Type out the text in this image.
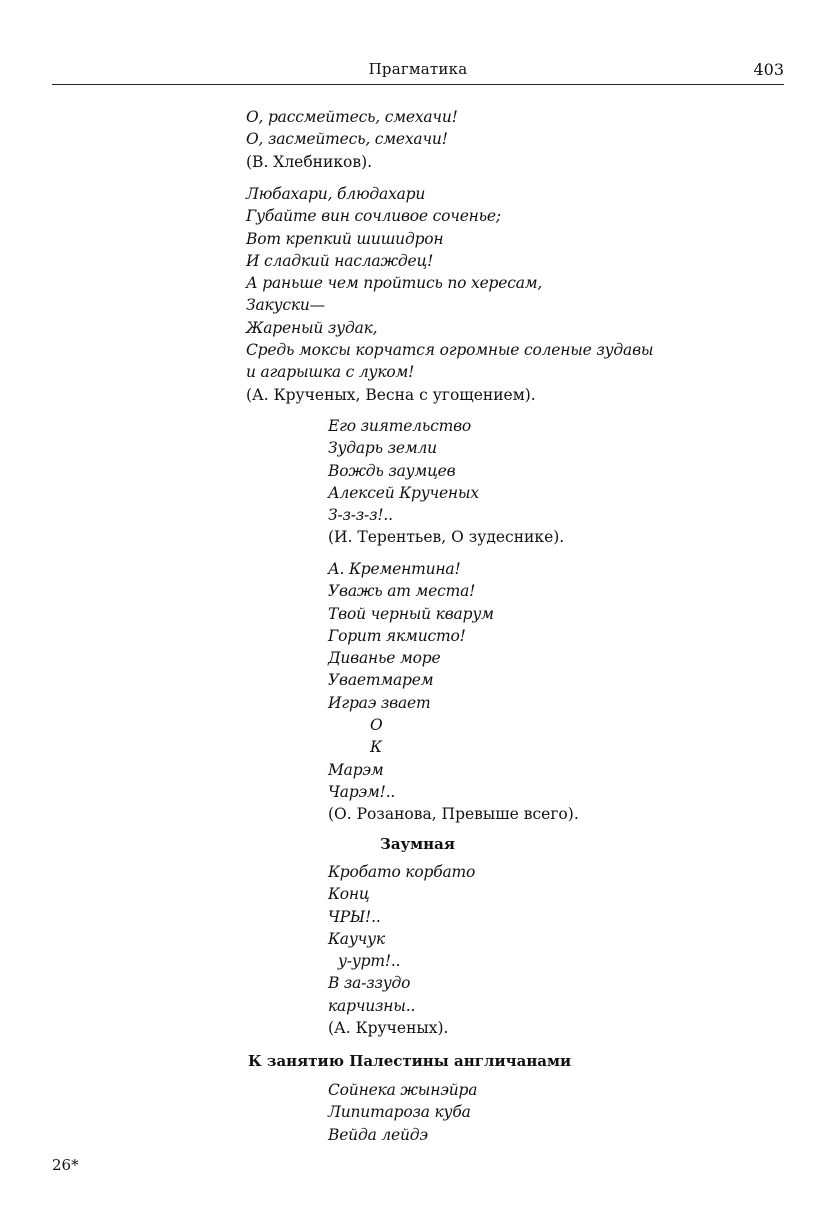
Прагматика	403
О, рассмейтесь, смехачи!
О, засмейтесь, смехачи!
(В. Хлебников).
Любахари, блюдахари
Губайте вин сочливое соченье;
Вот крепкий шишидрон
И сладкий наслаждец!
А раньше чем пройтись по хересам,
Закуски—
Жареный зудак,
Средь моксы корчатся огромные соленые зудавы
и агарышка с луком!
(А. Крученых, Весна с угощением).
Его зиятельство
Зударь земли
Вождь заумцев
Алексей Крученых
З-з-з-з!..
(И. Терентьев, О зудеснике).
А. Крементина!
Уважь ат места!
Твой черный кварум
Горит якмисто!
Диванье море
Уваетмарем
Играэ звает
О
К
Марэм
Чарэм!..
(О. Розанова, Превыше всего).
Заумная
Кробато корбато
Конц
ЧРЫ!..
Каучук
у-урт!..
В за-ззудо
карчизны..
(А. Крученых).
К занятию Палестины англичанами
Сойнека жынэйра
Липитароза куба
Вейда лейдэ
26*
